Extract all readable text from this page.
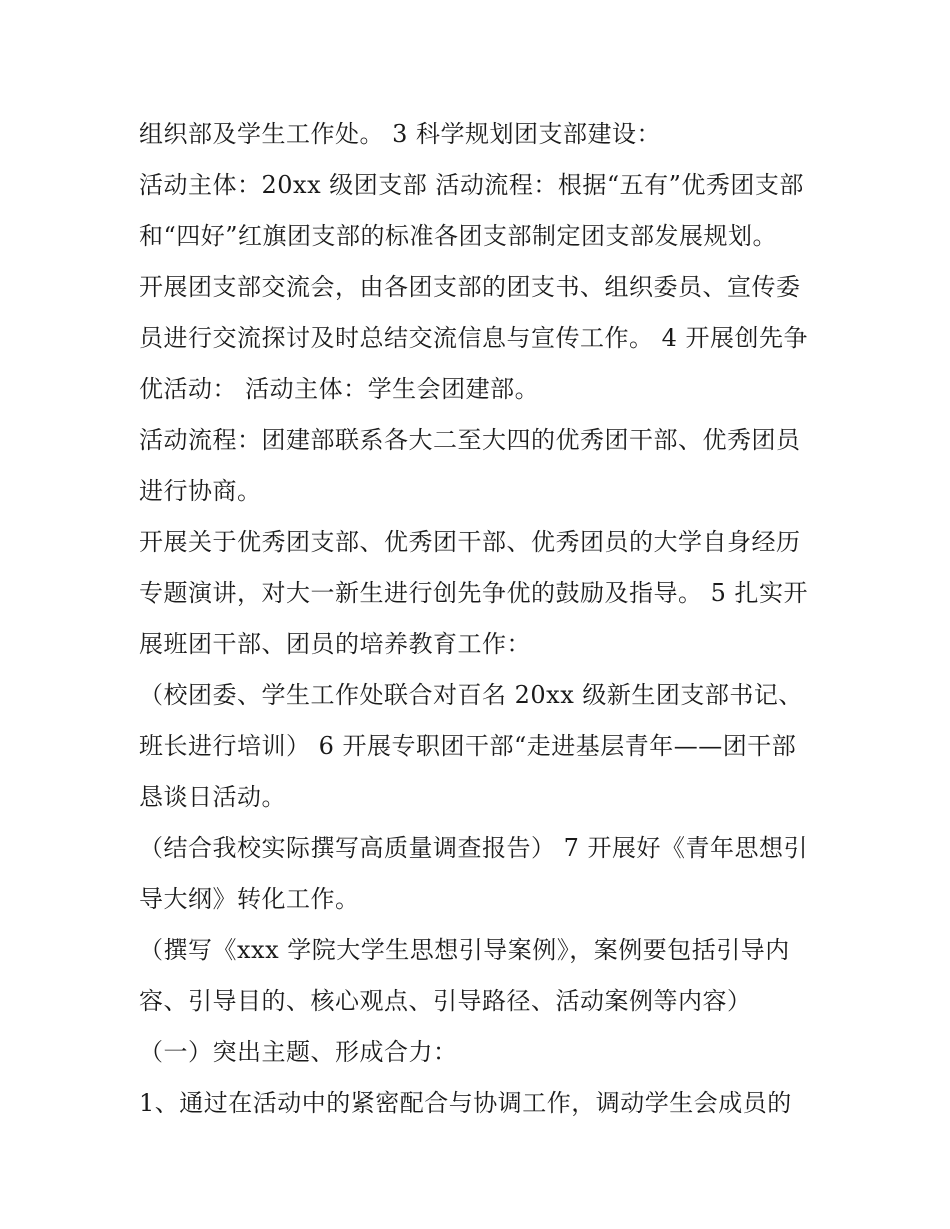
组织部及学生工作处。 3 科学规划团支部建设：
活动主体：20xx 级团支部 活动流程：根据“五有”优秀团支部
和“四好”红旗团支部的标准各团支部制定团支部发展规划。
开展团支部交流会，由各团支部的团支书、组织委员、宣传委
员进行交流探讨及时总结交流信息与宣传工作。 4 开展创先争
优活动： 活动主体：学生会团建部。
活动流程：团建部联系各大二至大四的优秀团干部、优秀团员
进行协商。
开展关于优秀团支部、优秀团干部、优秀团员的大学自身经历
专题演讲，对大一新生进行创先争优的鼓励及指导。 5 扎实开
展班团干部、团员的培养教育工作：
（校团委、学生工作处联合对百名 20xx 级新生团支部书记、
班长进行培训） 6 开展专职团干部“走进基层青年——团干部
恳谈日活动。
（结合我校实际撰写高质量调查报告） 7 开展好《青年思想引
导大纲》转化工作。
（撰写《xxx 学院大学生思想引导案例》，案例要包括引导内
容、引导目的、核心观点、引导路径、活动案例等内容）
（一）突出主题、形成合力：
1、通过在活动中的紧密配合与协调工作，调动学生会成员的
